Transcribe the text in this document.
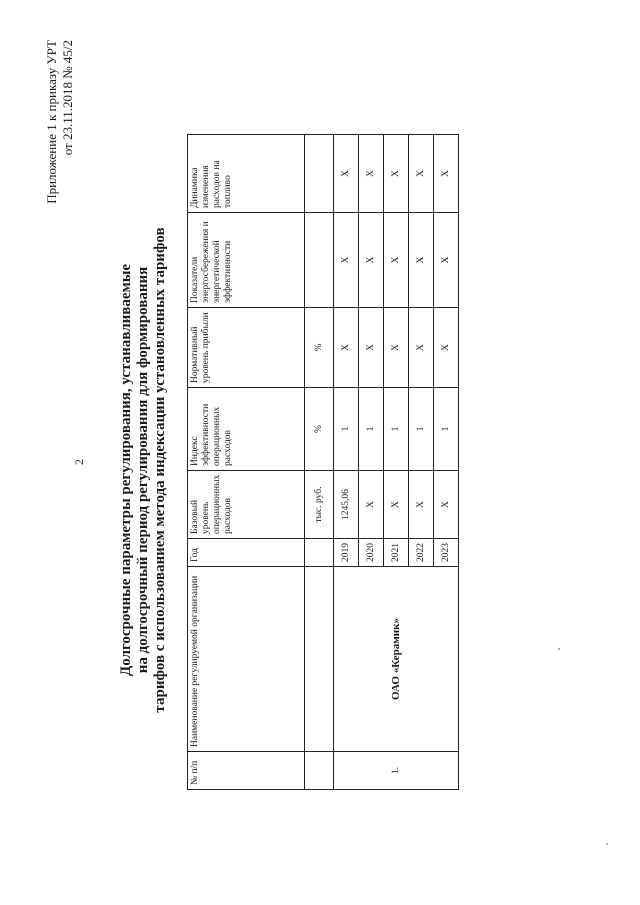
2
Приложение 1 к приказу УРТ от 23.11.2018 № 45/2
Долгосрочные параметры регулирования, устанавливаемые на долгосрочный период регулирования для формирования тарифов с использованием метода индексации установленных тарифов
№ п/п	Наименование регулируемой организации	Год	Базовый уровень операционных расходов	Индекс эффективности операционных расходов	Нормативный уровень прибыли	Показатели энергосбережения и энергетической эффективности	Динамика изменения расходов на топливо
			тыс. руб.	%	%		
1.	ОАО «Керамик»	2019	1245,06	1	Х	Х	Х
		2020	Х	1	Х	Х	Х
		2021	Х	1	Х	Х	Х
		2022	Х	1	Х	Х	Х
		2023	Х	1	Х	Х	Х
